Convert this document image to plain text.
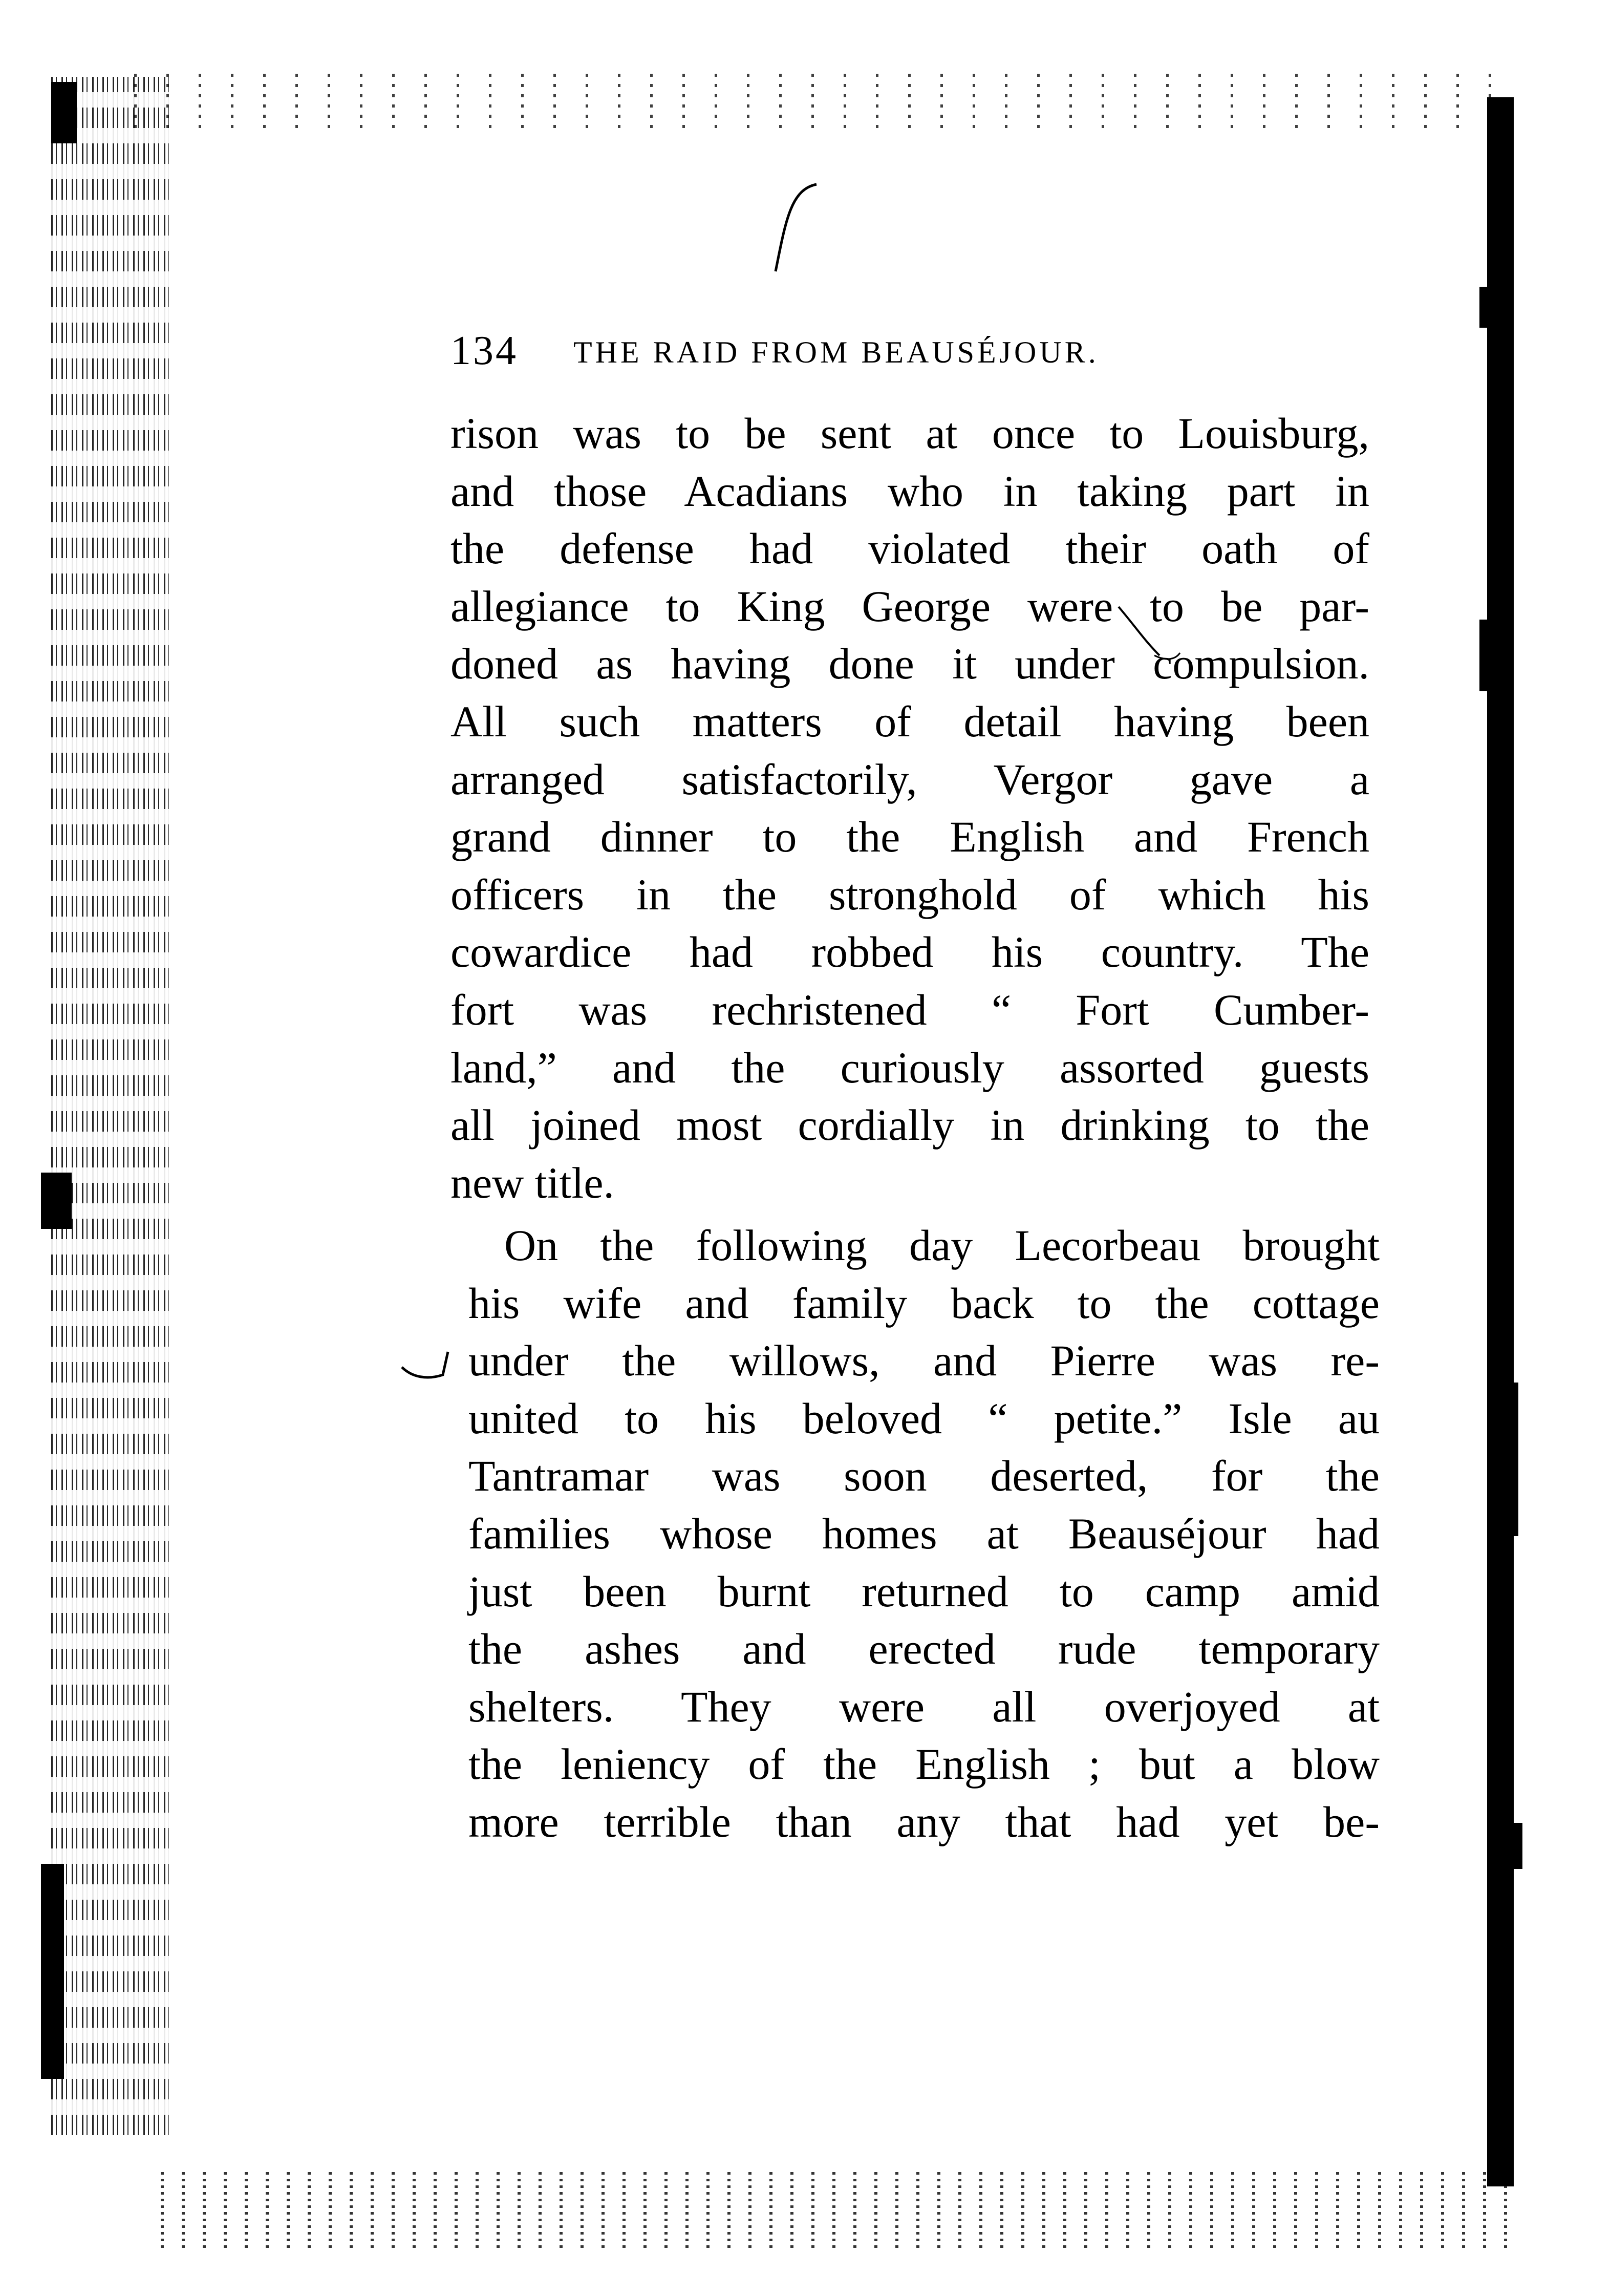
134 THE RAID FROM BEAUSÉJOUR.
rison was to be sent at once to Louisburg,
and those Acadians who in taking part in
the defense had violated their oath of
allegiance to King George were to be par-
doned as having done it under compulsion.
All such matters of detail having been
arranged satisfactorily, Vergor gave a
grand dinner to the English and French
officers in the stronghold of which his
cowardice had robbed his country. The
fort was rechristened “ Fort Cumber-
land,” and the curiously assorted guests
all joined most cordially in drinking to the
new title.
On the following day Lecorbeau brought
his wife and family back to the cottage
under the willows, and Pierre was re-
united to his beloved “ petite.” Isle au
Tantramar was soon deserted, for the
families whose homes at Beauséjour had
just been burnt returned to camp amid
the ashes and erected rude temporary
shelters. They were all overjoyed at
the leniency of the English ; but a blow
more terrible than any that had yet be-
